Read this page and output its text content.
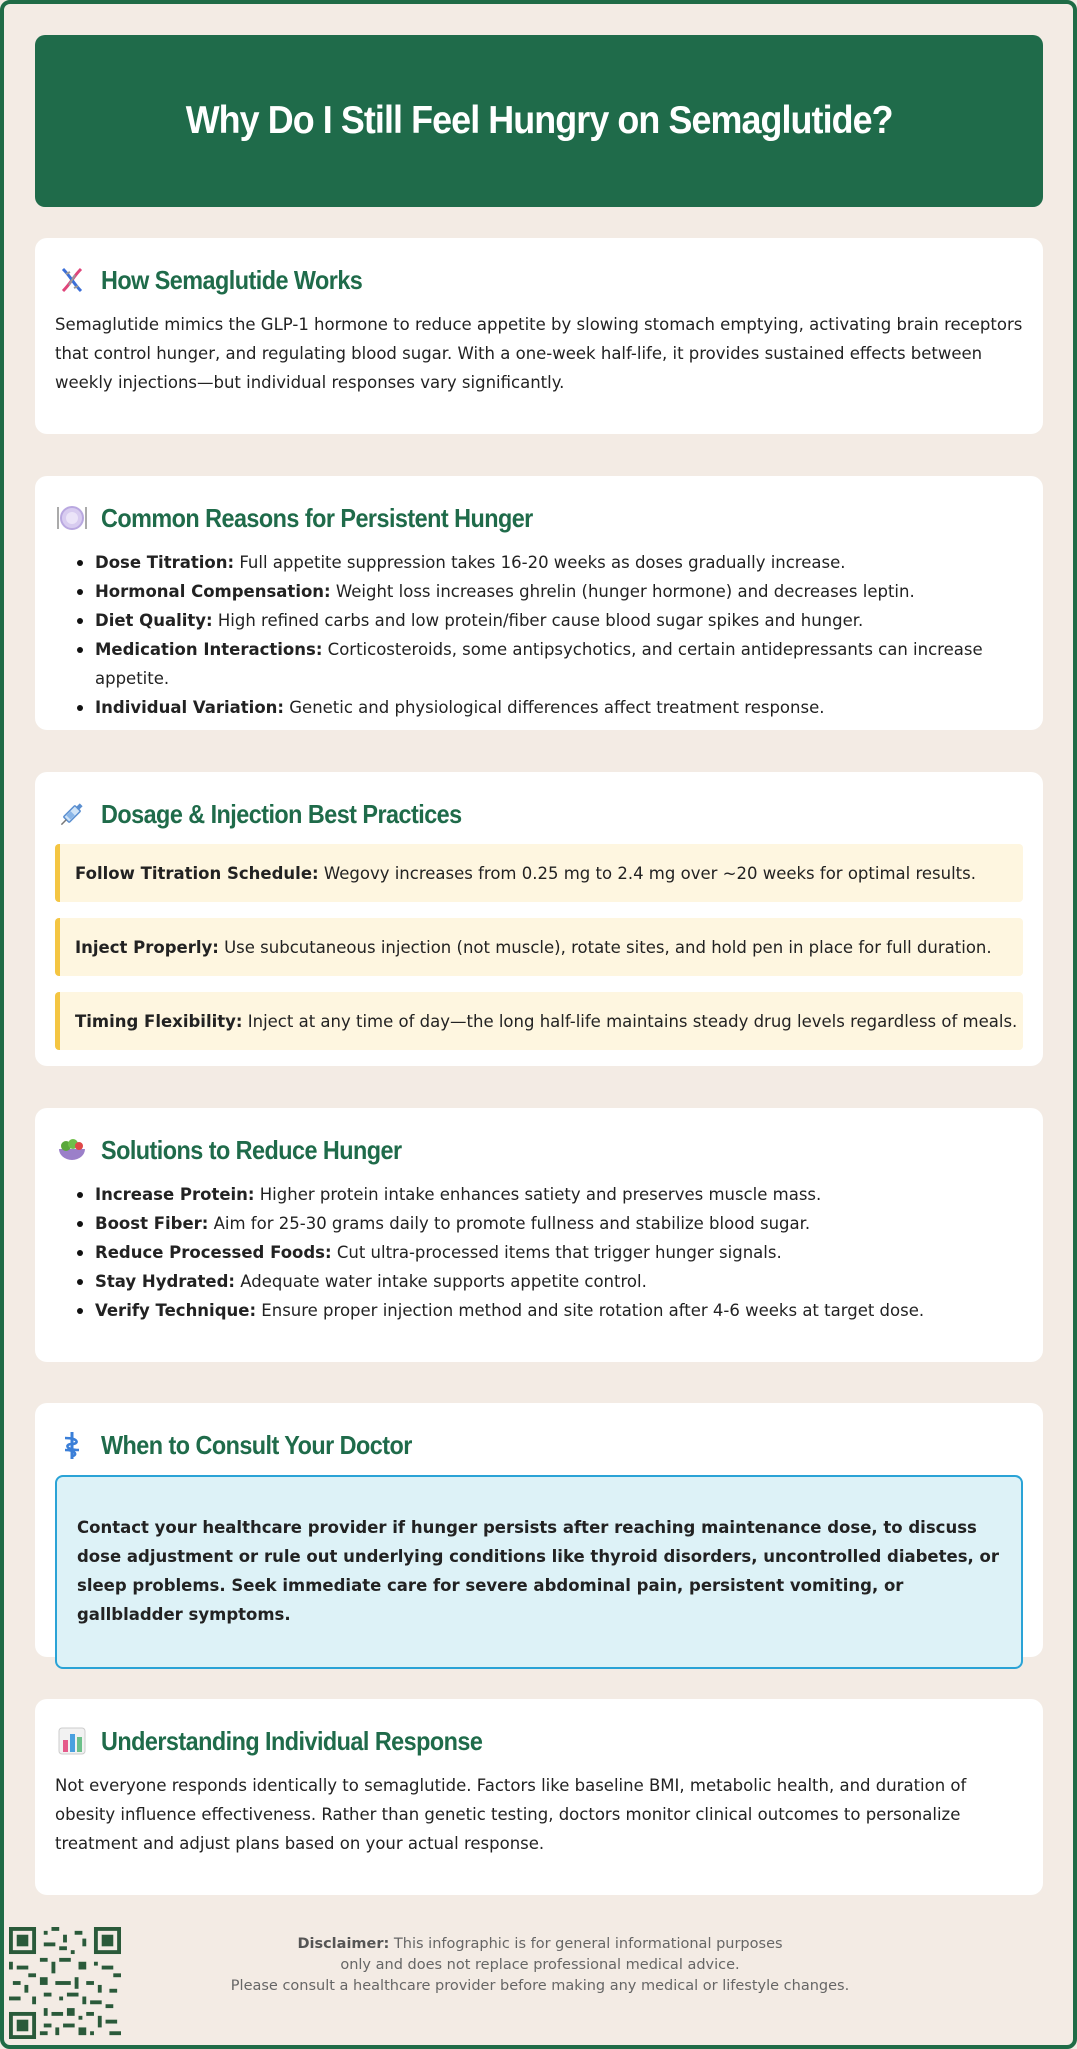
Why Do I Still Feel Hungry on Semaglutide?
How Semaglutide Works

Semaglutide mimics the GLP-1 hormone to reduce appetite by slowing stomach emptying, activating brain receptors that control hunger, and regulating blood sugar. With a one-week half-life, it provides sustained effects between weekly injections—but individual responses vary significantly.

Common Reasons for Persistent Hunger
Dose Titration: Full appetite suppression takes 16-20 weeks as doses gradually increase.
Hormonal Compensation: Weight loss increases ghrelin (hunger hormone) and decreases leptin.
Diet Quality: High refined carbs and low protein/fiber cause blood sugar spikes and hunger.
Medication Interactions: Corticosteroids, some antipsychotics, and certain antidepressants can increase appetite.
Individual Variation: Genetic and physiological differences affect treatment response.
Dosage & Injection Best Practices
Follow Titration Schedule: Wegovy increases from 0.25 mg to 2.4 mg over ~20 weeks for optimal results.
Inject Properly: Use subcutaneous injection (not muscle), rotate sites, and hold pen in place for full duration.
Timing Flexibility: Inject at any time of day—the long half-life maintains steady drug levels regardless of meals.
Solutions to Reduce Hunger
Increase Protein: Higher protein intake enhances satiety and preserves muscle mass.
Boost Fiber: Aim for 25-30 grams daily to promote fullness and stabilize blood sugar.
Reduce Processed Foods: Cut ultra-processed items that trigger hunger signals.
Stay Hydrated: Adequate water intake supports appetite control.
Verify Technique: Ensure proper injection method and site rotation after 4-6 weeks at target dose.
When to Consult Your Doctor
Contact your healthcare provider if hunger persists after reaching maintenance dose, to discuss dose adjustment or rule out underlying conditions like thyroid disorders, uncontrolled diabetes, or sleep problems. Seek immediate care for severe abdominal pain, persistent vomiting, or gallbladder symptoms.
Understanding Individual Response

Not everyone responds identically to semaglutide. Factors like baseline BMI, metabolic health, and duration of obesity influence effectiveness. Rather than genetic testing, doctors monitor clinical outcomes to personalize treatment and adjust plans based on your actual response.

Disclaimer: This infographic is for general informational purposes
only and does not replace professional medical advice.
Please consult a healthcare provider before making any medical or lifestyle changes.
